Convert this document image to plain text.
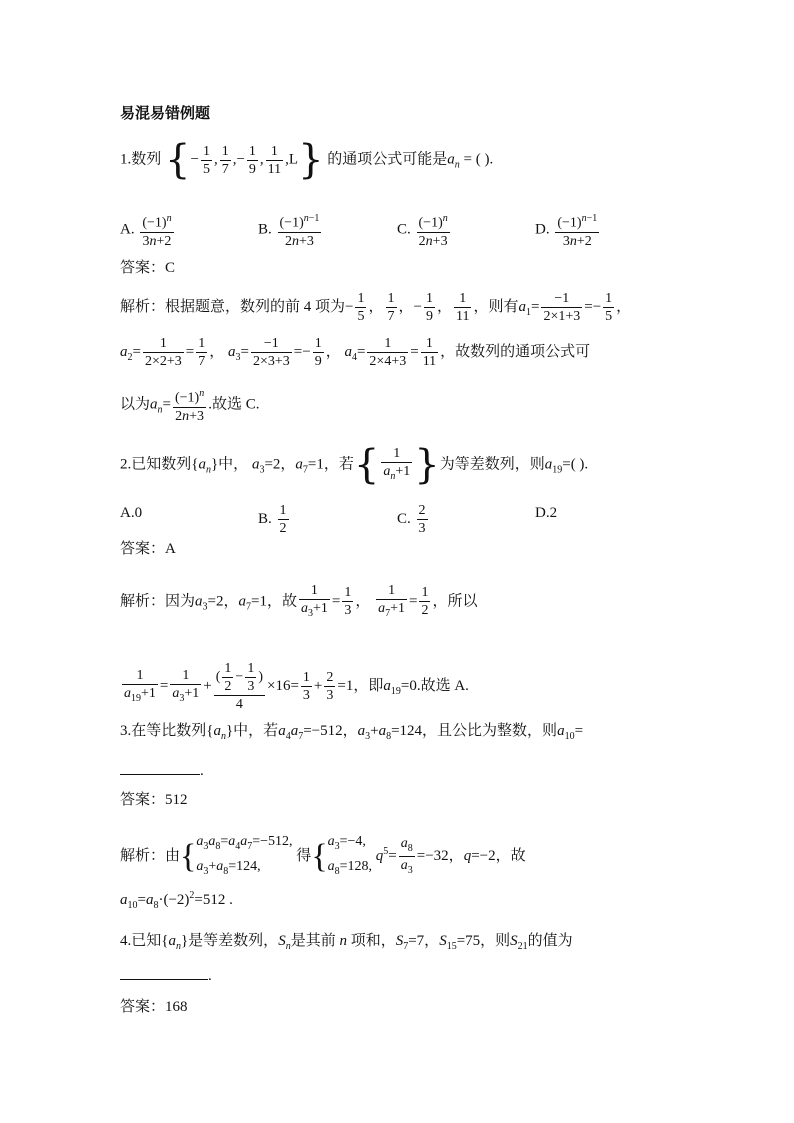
易混易错例题
1.数列 {− $\frac{1}{5}$ , $\frac{1}{7}$ ,− $\frac{1}{9}$ , $\frac{1}{11} ,L$} 的通项公式可能是$a_n$ = ( ).
A. $\frac{(-1)^n}{3n+2}$	B. $\frac{(-1)^{n-1}}{2n+3}$	C. $\frac{(-1)^n}{2n+3}$	D. $\frac{(-1)^{n-1}}{3n+2}$
答案：C
解析：根据题意，数列的前 4 项为− $\frac{1}{5}$ ， $\frac{1}{7}$ ，− $\frac{1}{9}$ ， $\frac{1}{11}$ ，则有$a_1= \frac{-1}{2\times 1+3} =- \frac{1}{5}$ ，
$a_2= \frac{1}{2\times 2+3} = \frac{1}{7}$ ， $a_3= \frac{-1}{2\times 3+3} =- \frac{1}{9}$ ， $a_4= \frac{1}{2\times 4+3} = \frac{1}{11}$ ，故数列的通项公式可
以为$a_n= \frac{(-1)^n}{2n+3}$ .故选 C.
2.已知数列$\{a_n\}$中， $a_3=2$，$a_7=1$，若{ $\frac{1}{a_n+1}$ }为等差数列，则$a_{19}=$( ).
A.0	B. $\frac{1}{2}$	C. $\frac{2}{3}$	D.2
答案：A
解析：因为$a_3=2$，$a_7=1$，故 $\frac{1}{a_3+1} = \frac{1}{3}$ ， $\frac{1}{a_7+1} = \frac{1}{2}$ ，所以
$\frac{1}{a_{19}+1} = \frac{1}{a_3+1} + \frac{( \frac{1}{2} - \frac{1}{3} )}{4} \times 16= \frac{1}{3} + \frac{2}{3} =1$，即$a_{19}=0$.故选 A.
3.在等比数列$\{a_n\}$中，若$a_4a_7=-512$，$a_3+a_8=124$，且公比为整数，则$a_{10}=$
.
答案：512
解析：由{ $a_3a_8=a_4a_7=-512$,
$a_3+a_8=124$,
得{ $a_3=-4$,
$a_8=128$,
$q^5= \frac{a_8}{a_3} =-32$，q=−2，故
$a_{10}=a_8\cdot(-2)^2=512$ .
4.已知$\{a_n\}$是等差数列，$S_n$是其前 n 项和，$S_7=7$，$S_{15}=75$，则$S_{21}$的值为
.
答案：168
